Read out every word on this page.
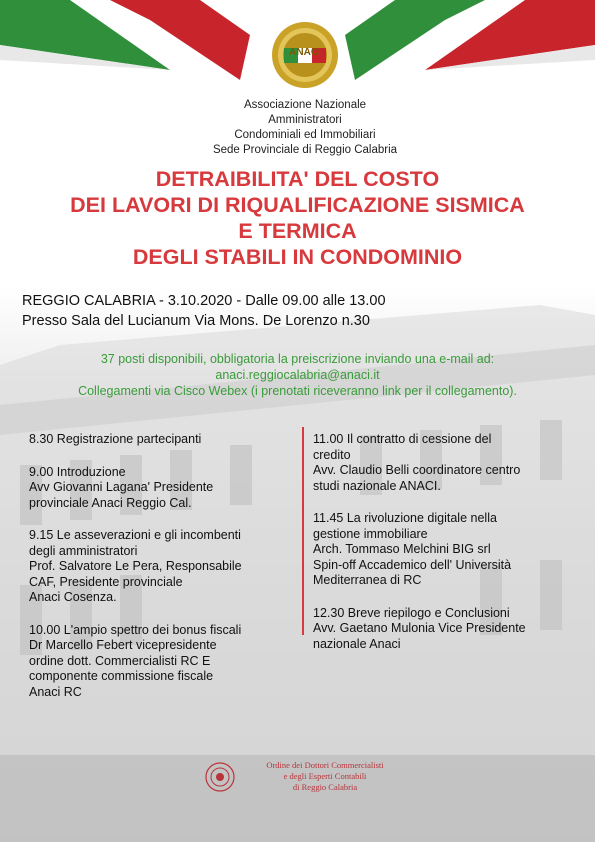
ANACI
Associazione Nazionale
Amministratori
Condominiali ed Immobiliari
Sede Provinciale di Reggio Calabria
DETRAIBILITA' DEL COSTO
DEI LAVORI DI RIQUALIFICAZIONE SISMICA
E TERMICA
DEGLI STABILI IN CONDOMINIO
REGGIO CALABRIA - 3.10.2020 - Dalle 09.00 alle 13.00
Presso Sala del Lucianum Via Mons. De Lorenzo n.30
37 posti disponibili, obbligatoria la preiscrizione inviando una e-mail ad:
anaci.reggiocalabria@anaci.it
Collegamenti via Cisco Webex (i prenotati riceveranno link per il collegamento).
8.30 Registrazione partecipanti
9.00 Introduzione
Avv Giovanni Lagana' Presidente
provinciale Anaci Reggio Cal.
9.15 Le asseverazioni e gli incombenti
degli amministratori
Prof. Salvatore Le Pera, Responsabile
CAF, Presidente provinciale
Anaci Cosenza.
10.00 L'ampio spettro dei bonus fiscali
Dr Marcello Febert vicepresidente
ordine dott. Commercialisti RC E
componente commissione fiscale
Anaci RC
11.00 Il contratto di cessione del
credito
Avv. Claudio Belli coordinatore centro
studi nazionale ANACI.
11.45 La rivoluzione digitale nella
gestione immobiliare
Arch. Tommaso Melchini BIG srl
Spin-off Accademico dell' Università
Mediterranea di RC
12.30 Breve riepilogo e Conclusioni
Avv. Gaetano Mulonia Vice Presidente
nazionale Anaci
Ordine dei Dottori Commercialisti
e degli Esperti Contabili
di Reggio Calabria
